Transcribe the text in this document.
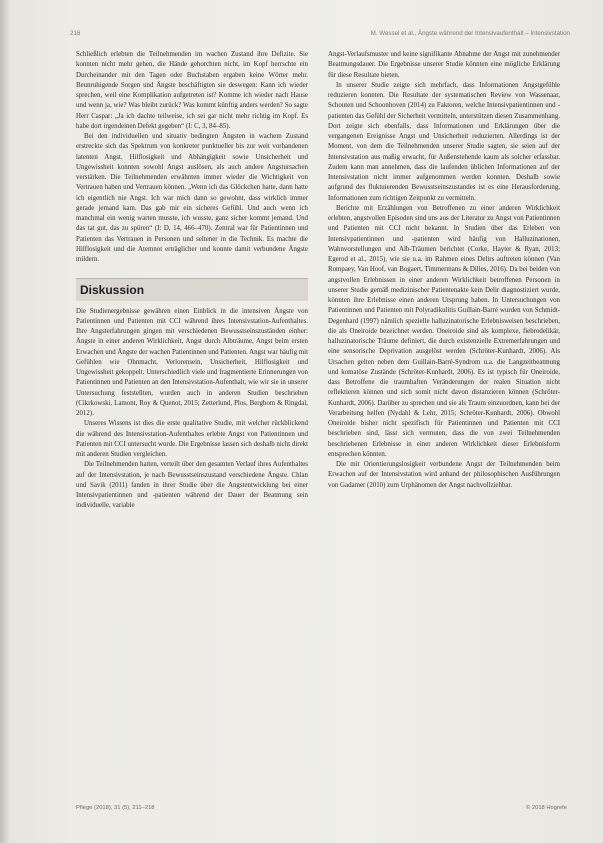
216	M. Wessel et al., Ängste während der Intensivaufenthalt – Intensivstation

Schließlich erlebten die Teilnehmenden im wachen Zustand ihre Defizite. Sie konnten nicht mehr gehen, die Hände gehorchten nicht, im Kopf herrschte ein Durcheinander mit den Tagen oder Buchstaben ergaben keine Wörter mehr. Beunruhigende Sorgen und Ängste beschäftigten sie deswegen: Kann ich wieder sprechen, weil eine Komplikation aufgetreten ist? Komme ich wieder nach Hause und wenn ja, wie? Was bleibt zurück? Was kommt künftig anders werden? So sagte Herr Caspar: „Ja ich dachte teilweise, ich sei gar nicht mehr richtig im Kopf. Es habe dort irgendeinen Defekt gegeben“ (I: C, 3, 84–85).

Bei den individuellen und situativ bedingten Ängsten in wachem Zustand erstreckte sich das Spektrum von konkreter punktueller bis zur weit vorhandenen latenten Angst. Hilflosigkeit und Abhängigkeit sowie Unsicherheit und Ungewissheit konnten sowohl Angst auslösen, als auch andere Angstursachen verstärken. Die Teilnehmenden erwähnten immer wieder die Wichtigkeit von Vertrauen haben und Vertrauen können. „Wenn ich das Glöckchen hatte, dann hatte ich eigentlich nie Angst. Ich war mich dann so gewohnt, dass wirklich immer gerade jemand kam. Das gab mir ein sicheres Gefühl. Und auch wenn ich manchmal ein wenig warten musste, ich wusste, ganz sicher kommt jemand. Und das tat gut, das zu spüren“ (I: D, 14, 466–470). Zentral war für Patientinnen und Patienten das Vertrauen in Personen und seltener in die Technik. Es machte die Hilflosigkeit und die Atemnot erträglicher und konnte damit verbundene Ängste mildern.

Diskussion

Die Studienergebnisse gewähren einen Einblick in die intensiven Ängste von Patientinnen und Patienten mit CCI während ihres Intensivstation-Aufenthaltes. Ihre Angsterfahrungen gingen mit verschiedenen Bewusstseinszuständen einher: Ängste in einer anderen Wirklichkeit, Angst durch Albträume, Angst beim ersten Erwachen und Ängste der wachen Patientinnen und Patienten. Angst war häufig mit Gefühlen wie Ohnmacht, Verlorensein, Unsicherheit, Hilflosigkeit und Ungewissheit gekoppelt. Unterschiedlich viele und fragmentierte Erinnerungen von Patientinnen und Patienten an den Intensivstation-Aufenthalt, wie wir sie in unserer Untersuchung feststellten, wurden auch in anderen Studien beschrieben (Cikrkowski, Lamont, Roy & Quenot, 2015; Zetterlund, Plos, Bergbom & Ringdal, 2012).

Unseres Wissens ist dies die erste qualitative Studie, mit welcher rückblickend die während des Intensivstation-Aufenthaltes erlebte Angst von Patientinnen und Patienten mit CCI untersucht wurde. Die Ergebnisse lassen sich deshalb nicht direkt mit anderen Studien vergleichen.

Die Teilnehmenden hatten, verteilt über den gesamten Verlauf ihres Aufenthaltes auf der Intensivstation, je nach Bewusstseinszustand verschiedene Ängste. Chlan und Savik (2011) fanden in ihrer Studie über die Angstentwicklung bei einer Intensivpatientinnen und -patienten während der Dauer der Beatmung sein individuelle, variable

Angst-Verlaufsmuster und keine signifikante Abnahme der Angst mit zunehmender Beatmungsdauer. Die Ergebnisse unserer Studie könnten eine mögliche Erklärung für diese Resultate bieten.

In unserer Studie zeigte sich mehrfach, dass Informationen Angstgefühle reduzieren konnten. Die Resultate der systematischen Review von Wassenaar, Schouten und Schoonhoven (2014) zu Faktoren, welche Intensivpatientinnen und -patienten das Gefühl der Sicherheit vermitteln, unterstützen diesen Zusammenhang. Dort zeigte sich ebenfalls, dass Informationen und Erklärungen über die vergangenen Ereignisse Angst und Unsicherheit reduzierten. Allerdings ist der Moment, von dem die Teilnehmenden unserer Studie sagten, sie seien auf der Intensivstation aus maßig erwacht, für Außenstehende kaum als solcher erfassbar. Zudem kann man annehmen, dass die laufenden üblichen Informationen auf der Intensivstation nicht immer aufgenommen werden konnten. Deshalb sowie aufgrund des fluktuierenden Bewusstseinszustandes ist es eine Herausforderung, Informationen zum richtigen Zeitpunkt zu vermitteln.

Berichte mit Erzählungen von Betroffenen zu einer anderen Wirklichkeit erlebten, angstvollen Episoden sind uns aus der Literatur zu Angst von Patientinnen und Patienten mit CCI nicht bekannt. In Studien über das Erleben von Intensivpatientinnen und -patienten wird häufig von Halluzinationen, Wahnvorstellungen und Alb-Träumen berichtet (Corke, Hayter & Ryan, 2013; Egerod et al., 2015), wie sie u.a. im Rahmen eines Delirs auftreten können (Van Rompaey, Van Hoof, van Bogaert, Timmermans & Dilles, 2016). Da bei beiden von angstvollen Erlebnissen in einer anderen Wirklichkeit betroffenen Personen in unserer Studie gemäß medizinischer Patientenakte kein Delir diagnostiziert wurde, könnten ihre Erlebnisse einen anderen Ursprung haben. In Untersuchungen von Patientinnen und Patienten mit Polyradikulitis Guillain-Barré wurden von Schmidt-Degenhard (1997) nämlich spezielle halluzinatorische Erlebnisweisen beschrieben, die als Oneiroide bezeichnet werden. Oneiroide sind als komplexe, fiebrodelikär, halluzinatorische Träume definiert, die durch existenzielle Extremerfahrungen und eine sensorische Deprivation ausgelöst werden (Schröter-Kunhardt, 2006). Als Ursachen gelten neben dem Guillain-Barré-Syndrom u.a. die Langzeitbeatmung und komatöse Zustände (Schröter-Kunhardt, 2006). Es ist typisch für Oneiroide, dass Betroffene die traumhaften Veränderungen der realen Situation nicht reflektieren können und sich somit nicht davon distanzieren können (Schröter-Kunhardt, 2006). Darüber zu sprechen und sie als Traum einzuordnen, kann bei der Verarbeitung helfen (Nydahl & Lehr, 2015; Schröter-Kunhardt, 2006). Obwohl Oneiroide bisher nicht spezifisch für Patientinnen und Patienten mit CCI beschrieben sind, lässt sich vermuten, dass die von zwei Teilnehmenden beschriebenen Erlebnisse in einer anderen Wirklichkeit dieser Erlebnisform entsprechen könnten.

Die mit Orientierungslosigkeit verbundene Angst der Teilnehmenden beim Erwachen auf der Intensivstation wird anhand der philosophischen Ausführungen von Gadamer (2010) zum Urphänomen der Angst nachvollziehbar.

Pflege (2018), 31 (5), 211–218	© 2018 Hogrefe
